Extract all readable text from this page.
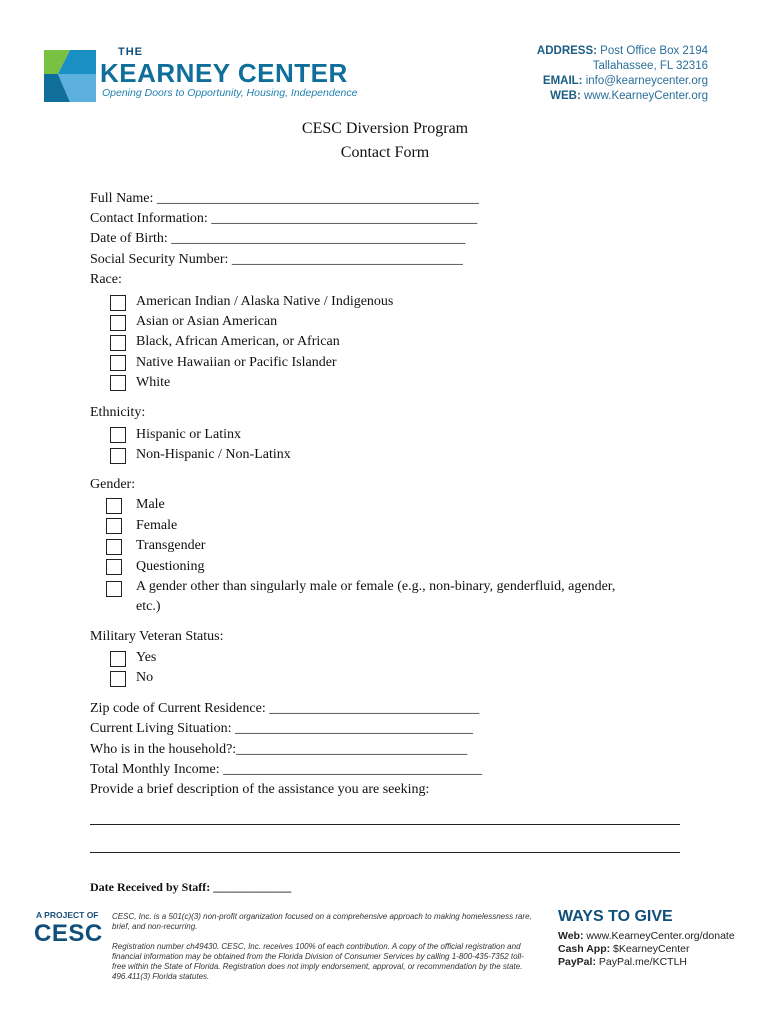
THE
KEARNEY CENTER
Opening Doors to Opportunity, Housing, Independence
ADDRESS: Post Office Box 2194
Tallahassee, FL 32316
EMAIL: info@kearneycenter.org
WEB: www.KearneyCenter.org
CESC Diversion Program
Contact Form
Full Name: ______________________________________________
Contact Information: ______________________________________
Date of Birth: __________________________________________
Social Security Number: _________________________________
Race:
American Indian / Alaska Native / Indigenous
Asian or Asian American
Black, African American, or African
Native Hawaiian or Pacific Islander
White
Ethnicity:
Hispanic or Latinx
Non-Hispanic / Non-Latinx
Gender:
Male
Female
Transgender
Questioning
A gender other than singularly male or female (e.g., non-binary, genderfluid, agender,
etc.)
Military Veteran Status:
Yes
No
Zip code of Current Residence: ______________________________
Current Living Situation: __________________________________
Who is in the household?:_________________________________
Total Monthly Income: _____________________________________
Provide a brief description of the assistance you are seeking:
Date Received by Staff: _____________
A PROJECT OF
CESC
CESC, Inc. is a 501(c)(3) non-profit organization focused on a comprehensive approach to making homelessness rare, brief, and non-recurring.
Registration number ch49430. CESC, Inc. receives 100% of each contribution. A copy of the official registration and financial information may be obtained from the Florida Division of Consumer Services by calling 1-800-435-7352 toll-free within the State of Florida. Registration does not imply endorsement, approval, or recommendation by the state. 496.411(3) Florida statutes.
WAYS TO GIVE
Web: www.KearneyCenter.org/donate
Cash App: $KearneyCenter
PayPal: PayPal.me/KCTLH
